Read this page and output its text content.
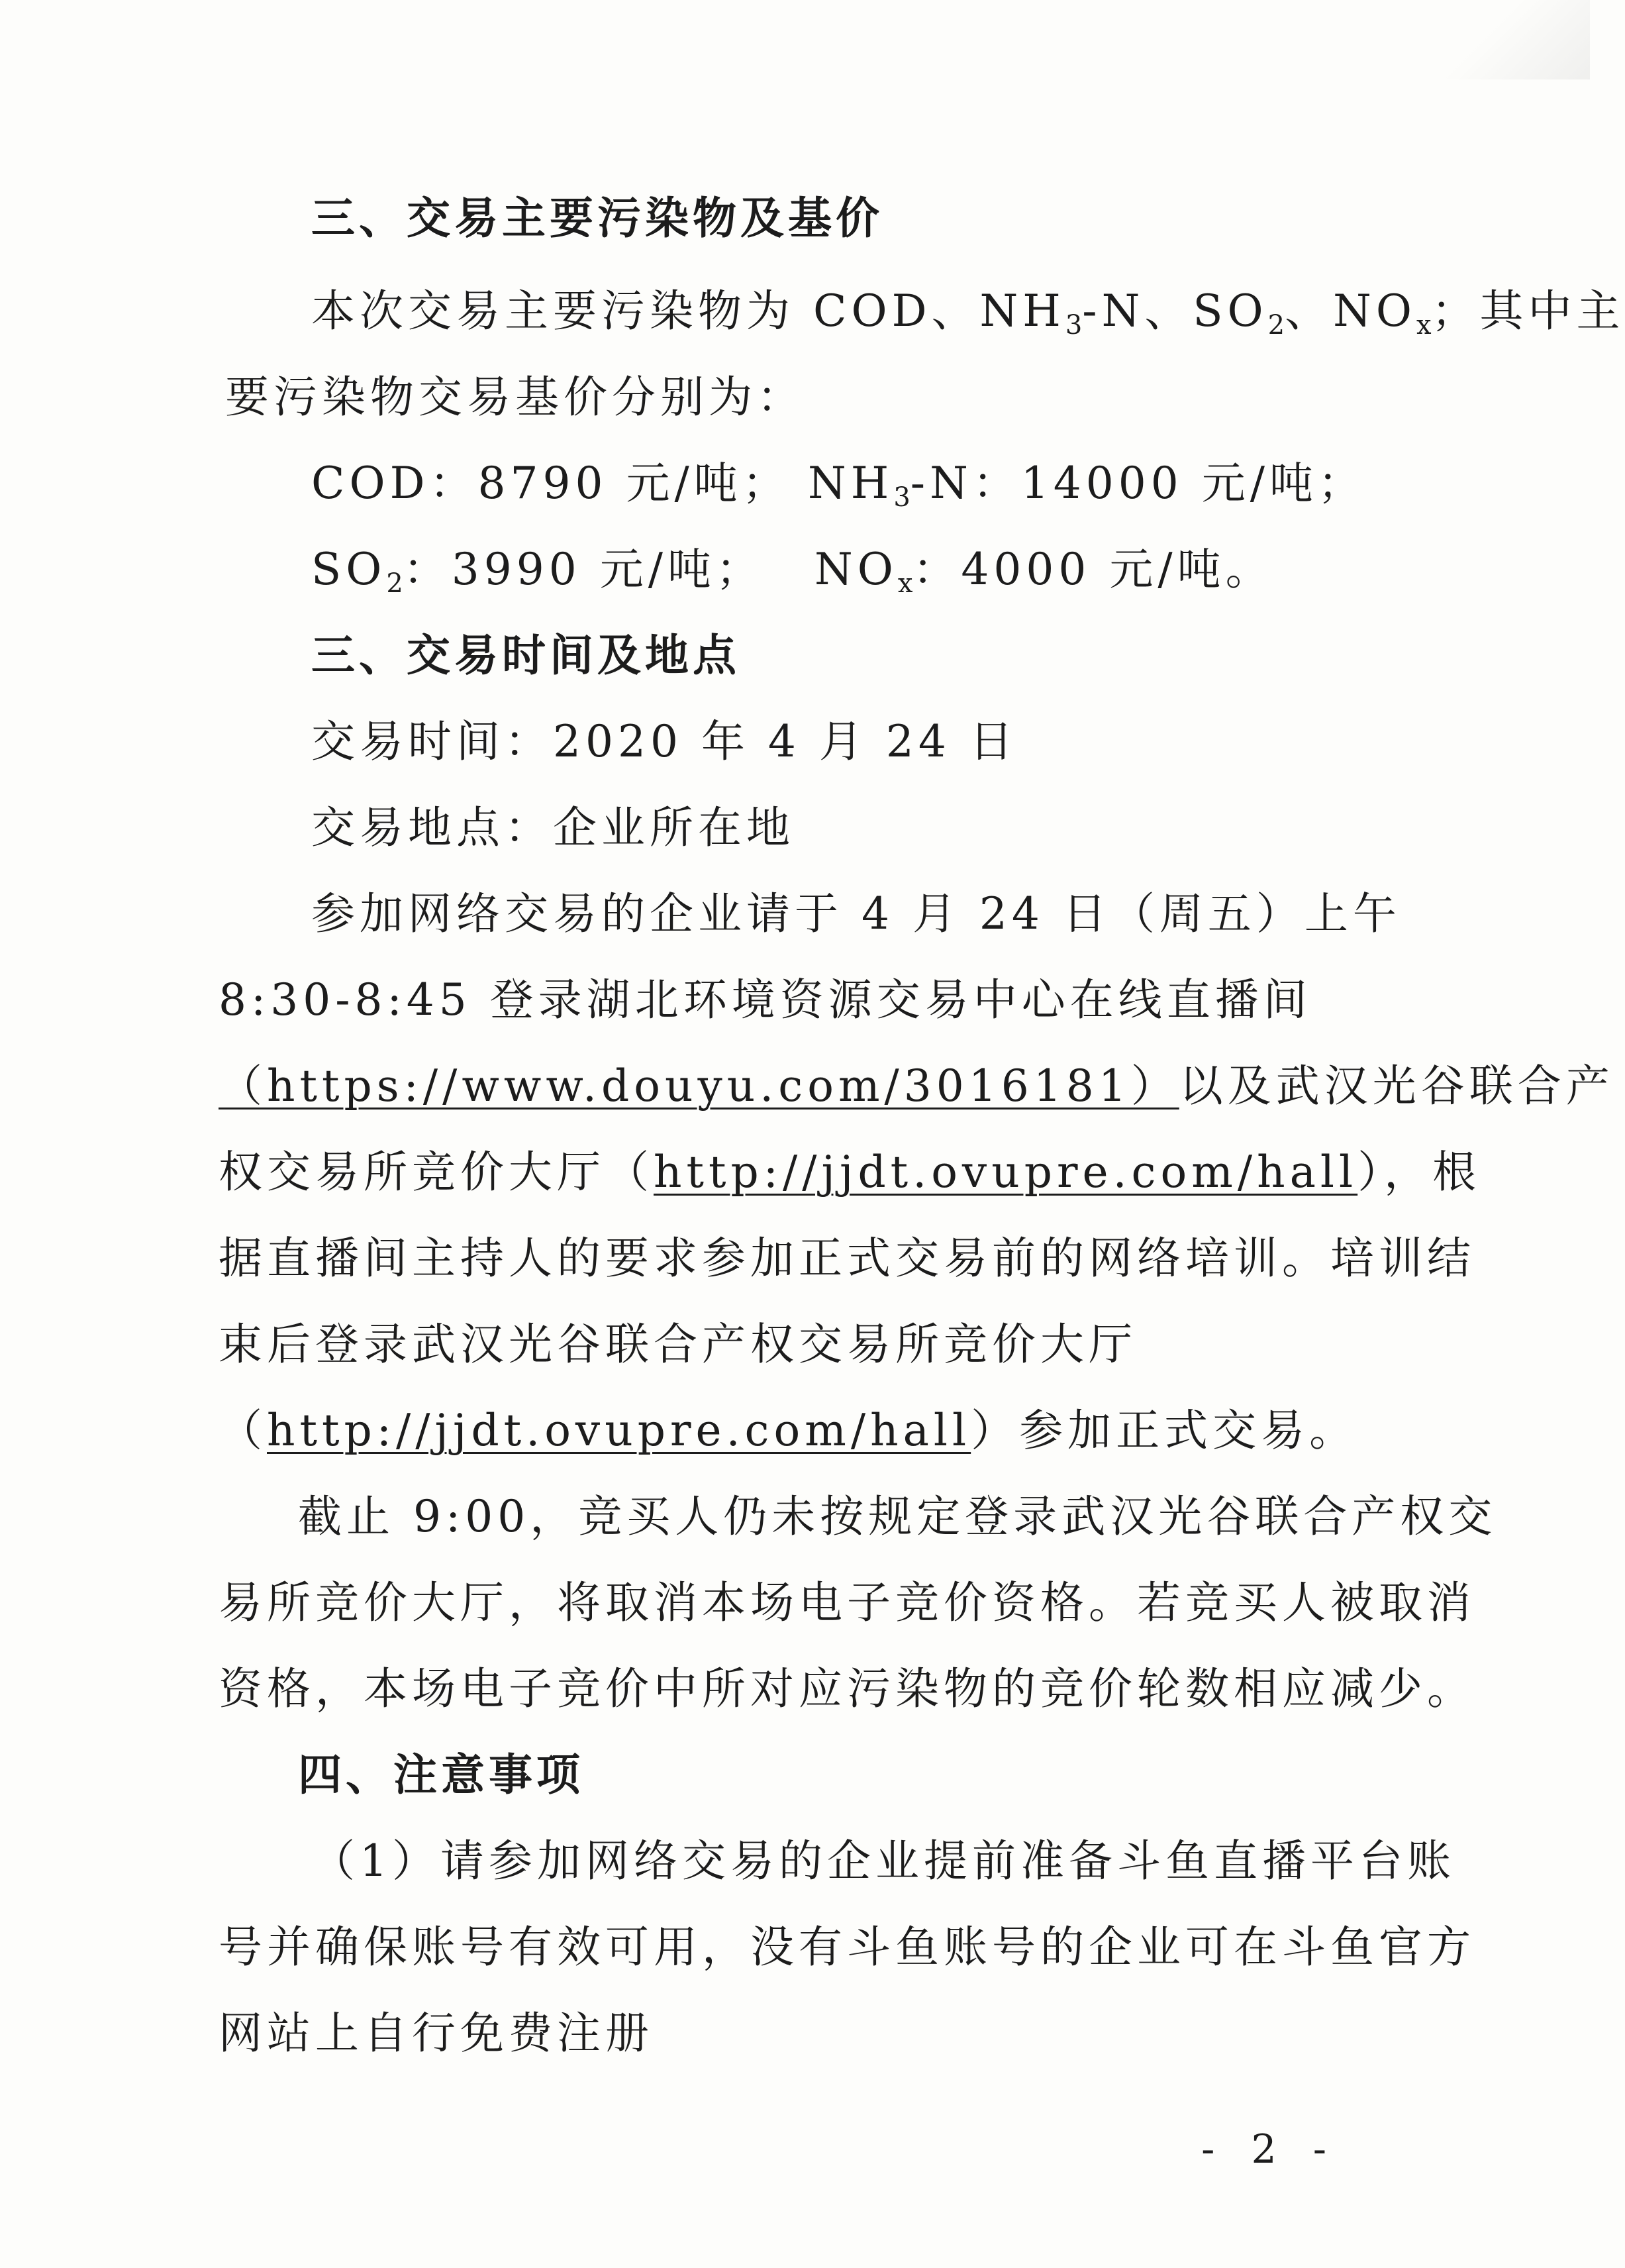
三、交易主要污染物及基价
本次交易主要污染物为 COD、$NH_3-N$、$SO_2$、$NO_x$；其中主
要污染物交易基价分别为：
COD：8790 元/吨； $NH_3-N$：14000 元/吨；
$SO_2$：3990 元/吨； $NO_x$：4000 元/吨。
三、交易时间及地点
交易时间：2020 年 4 月 24 日
交易地点：企业所在地
参加网络交易的企业请于 4 月 24 日（周五）上午
8:30-8:45 登录湖北环境资源交易中心在线直播间
（https://www.douyu.com/3016181）以及武汉光谷联合产
权交易所竞价大厅（http://jjdt.ovupre.com/hall），根
据直播间主持人的要求参加正式交易前的网络培训。培训结
束后登录武汉光谷联合产权交易所竞价大厅
（http://jjdt.ovupre.com/hall）参加正式交易。
截止 9:00，竞买人仍未按规定登录武汉光谷联合产权交
易所竞价大厅，将取消本场电子竞价资格。若竞买人被取消
资格，本场电子竞价中所对应污染物的竞价轮数相应减少。
四、注意事项
（1）请参加网络交易的企业提前准备斗鱼直播平台账
号并确保账号有效可用，没有斗鱼账号的企业可在斗鱼官方
网站上自行免费注册
- 2 -
